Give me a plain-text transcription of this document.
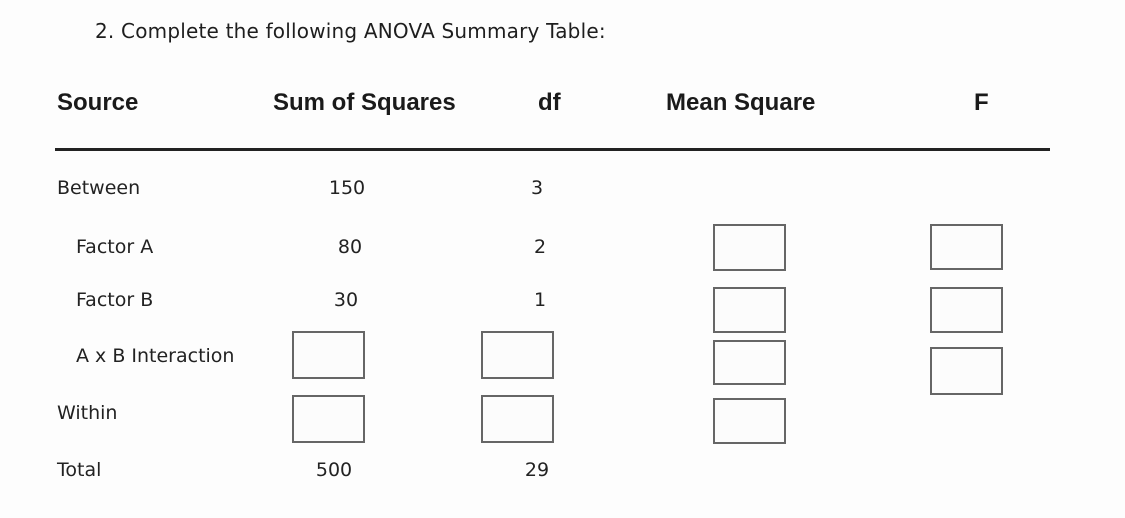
2. Complete the following ANOVA Summary Table:
Source	Sum of Squares	df	Mean Square	F
Between	150	3
Factor A	80	2
Factor B	30	1
A x B Interaction
Within
Total	500	29
